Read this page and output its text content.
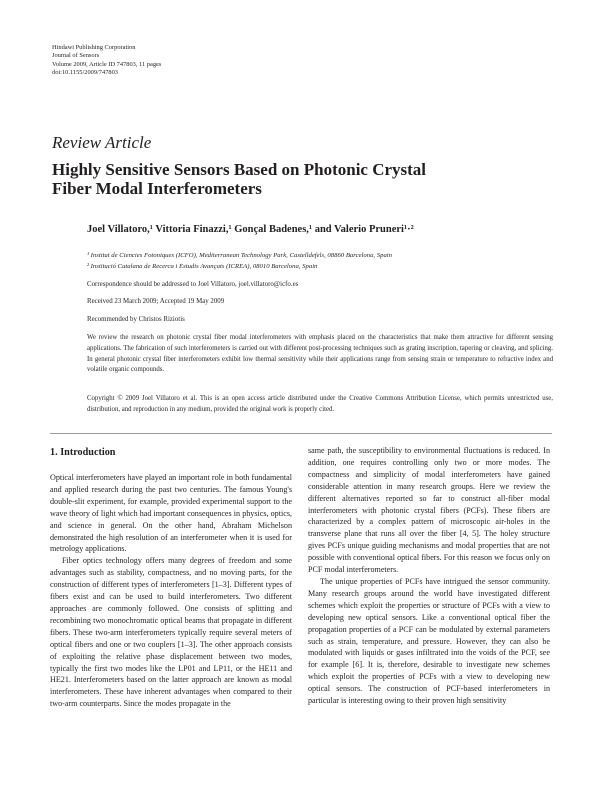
Hindawi Publishing Corporation
Journal of Sensors
Volume 2009, Article ID 747803, 11 pages
doi:10.1155/2009/747803
Review Article
Highly Sensitive Sensors Based on Photonic Crystal
Fiber Modal Interferometers
Joel Villatoro,¹ Vittoria Finazzi,¹ Gonçal Badenes,¹ and Valerio Pruneri¹·²
¹ Institut de Ciencies Fotoniques (ICFO), Mediterranean Technology Park, Castelldefels, 08860 Barcelona, Spain
² Institució Catalana de Recerca i Estudis Avançats (ICREA), 08010 Barcelona, Spain
Correspondence should be addressed to Joel Villatoro, joel.villatoro@icfo.es
Received 23 March 2009; Accepted 19 May 2009
Recommended by Christos Riziotis
We review the research on photonic crystal fiber modal interferometers with emphasis placed on the characteristics that make them attractive for different sensing applications. The fabrication of such interferometers is carried out with different post-processing techniques such as grating inscription, tapering or cleaving, and splicing. In general photonic crystal fiber interferometers exhibit low thermal sensitivity while their applications range from sensing strain or temperature to refractive index and volatile organic compounds.
Copyright © 2009 Joel Villatoro et al. This is an open access article distributed under the Creative Commons Attribution License, which permits unrestricted use, distribution, and reproduction in any medium, provided the original work is properly cited.
1. Introduction

Optical interferometers have played an important role in both fundamental and applied research during the past two centuries. The famous Young's double-slit experiment, for example, provided experimental support to the wave theory of light which had important consequences in physics, optics, and science in general. On the other hand, Abraham Michelson demonstrated the high resolution of an interferometer when it is used for metrology applications.

Fiber optics technology offers many degrees of freedom and some advantages such as stability, compactness, and no moving parts, for the construction of different types of interferometers [1–3]. Different types of fibers exist and can be used to build interferometers. Two different approaches are commonly followed. One consists of splitting and recombining two monochromatic optical beams that propagate in different fibers. These two-arm interferometers typically require several meters of optical fibers and one or two couplers [1–3]. The other approach consists of exploiting the relative phase displacement between two modes, typically the first two modes like the LP01 and LP11, or the HE11 and HE21. Interferometers based on the latter approach are known as modal interferometers. These have inherent advantages when compared to their two-arm counterparts. Since the modes propagate in the

same path, the susceptibility to environmental fluctuations is reduced. In addition, one requires controlling only two or more modes. The compactness and simplicity of modal interferometers have gained considerable attention in many research groups. Here we review the different alternatives reported so far to construct all-fiber modal interferometers with photonic crystal fibers (PCFs). These fibers are characterized by a complex pattern of microscopic air-holes in the transverse plane that runs all over the fiber [4, 5]. The holey structure gives PCFs unique guiding mechanisms and modal properties that are not possible with conventional optical fibers. For this reason we focus only on PCF modal interferometers.

The unique properties of PCFs have intrigued the sensor community. Many research groups around the world have investigated different schemes which exploit the properties or structure of PCFs with a view to developing new optical sensors. Like a conventional optical fiber the propagation properties of a PCF can be modulated by external parameters such as strain, temperature, and pressure. However, they can also be modulated with liquids or gases infiltrated into the voids of the PCF, see for example [6]. It is, therefore, desirable to investigate new schemes which exploit the properties of PCFs with a view to developing new optical sensors. The construction of PCF-based interferometers in particular is interesting owing to their proven high sensitivity
